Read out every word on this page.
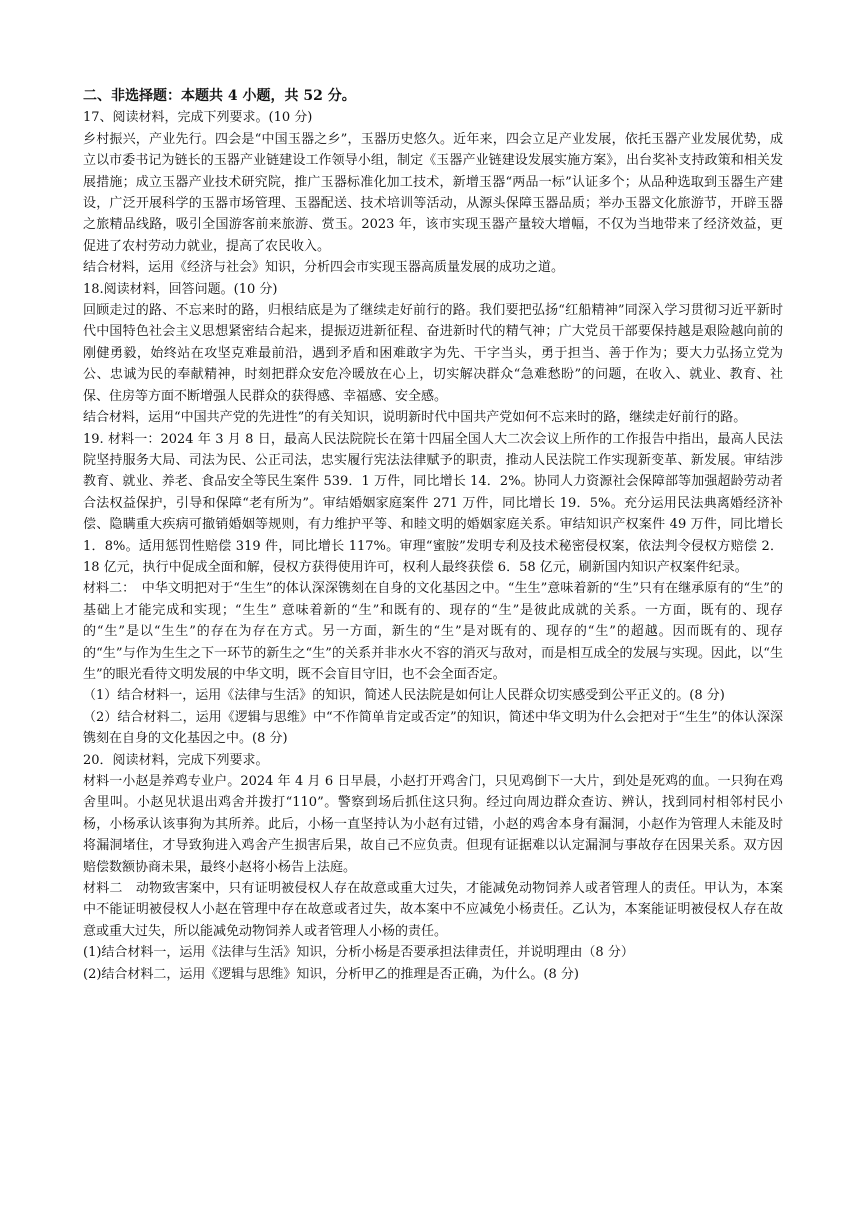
二、非选择题：本题共 4 小题，共 52 分。

17、阅读材料，完成下列要求。(10 分)

乡村振兴，产业先行。四会是“中国玉器之乡”，玉器历史悠久。近年来，四会立足产业发展，依托玉器产业发展优势，成立以市委书记为链长的玉器产业链建设工作领导小组，制定《玉器产业链建设发展实施方案》，出台奖补支持政策和相关发展措施；成立玉器产业技术研究院，推广玉器标准化加工技术，新增玉器“两品一标”认证多个；从品种选取到玉器生产建设，广泛开展科学的玉器市场管理、玉器配送、技术培训等活动，从源头保障玉器品质；举办玉器文化旅游节，开辟玉器之旅精品线路，吸引全国游客前来旅游、赏玉。2023 年，该市实现玉器产量较大增幅，不仅为当地带来了经济效益，更促进了农村劳动力就业，提高了农民收入。

结合材料，运用《经济与社会》知识，分析四会市实现玉器高质量发展的成功之道。

18.阅读材料，回答问题。(10 分)

回顾走过的路、不忘来时的路，归根结底是为了继续走好前行的路。我们要把弘扬“红船精神”同深入学习贯彻习近平新时代中国特色社会主义思想紧密结合起来，提振迈进新征程、奋进新时代的精气神；广大党员干部要保持越是艰险越向前的刚健勇毅，始终站在攻坚克难最前沿，遇到矛盾和困难敢字为先、干字当头，勇于担当、善于作为；要大力弘扬立党为公、忠诚为民的奉献精神，时刻把群众安危冷暖放在心上，切实解决群众“急难愁盼”的问题，在收入、就业、教育、社保、住房等方面不断增强人民群众的获得感、幸福感、安全感。

结合材料，运用“中国共产党的先进性”的有关知识，说明新时代中国共产党如何不忘来时的路，继续走好前行的路。

19. 材料一：2024 年 3 月 8 日，最高人民法院院长在第十四届全国人大二次会议上所作的工作报告中指出，最高人民法院坚持服务大局、司法为民、公正司法，忠实履行宪法法律赋予的职责，推动人民法院工作实现新变革、新发展。审结涉教育、就业、养老、食品安全等民生案件 539．1 万件，同比增长 14．2%。协同人力资源社会保障部等加强超龄劳动者合法权益保护，引导和保障“老有所为”。审结婚姻家庭案件 271 万件，同比增长 19．5%。充分运用民法典离婚经济补偿、隐瞒重大疾病可撤销婚姻等规则，有力维护平等、和睦文明的婚姻家庭关系。审结知识产权案件 49 万件，同比增长 1．8%。适用惩罚性赔偿 319 件，同比增长 117%。审理“蜜胺”发明专利及技术秘密侵权案，依法判令侵权方赔偿 2．18 亿元，执行中促成全面和解，侵权方获得使用许可，权利人最终获偿 6．58 亿元，刷新国内知识产权案件纪录。

材料二：　中华文明把对于“生生”的体认深深镌刻在自身的文化基因之中。“生生”意味着新的“生”只有在继承原有的“生”的基础上才能完成和实现；“生生” 意味着新的“生”和既有的、现存的“生”是彼此成就的关系。一方面，既有的、现存的“生”是以“生生”的存在为存在方式。另一方面，新生的“生”是对既有的、现存的“生”的超越。因而既有的、现存的“生”与作为生生之下一环节的新生之“生”的关系并非水火不容的消灭与敌对，而是相互成全的发展与实现。因此，以“生生”的眼光看待文明发展的中华文明，既不会盲目守旧，也不会全面否定。

（1）结合材料一，运用《法律与生活》的知识，简述人民法院是如何让人民群众切实感受到公平正义的。(8 分)

（2）结合材料二，运用《逻辑与思维》中“不作简单肯定或否定”的知识，简述中华文明为什么会把对于“生生”的体认深深镌刻在自身的文化基因之中。(8 分)

20．阅读材料，完成下列要求。

材料一小赵是养鸡专业户。2024 年 4 月 6 日早晨，小赵打开鸡舍门，只见鸡倒下一大片，到处是死鸡的血。一只狗在鸡舍里叫。小赵见状退出鸡舍并拨打“110”。警察到场后抓住这只狗。经过向周边群众查访、辨认，找到同村相邻村民小杨，小杨承认该事狗为其所养。此后，小杨一直坚持认为小赵有过错，小赵的鸡舍本身有漏洞，小赵作为管理人未能及时将漏洞堵住，才导致狗进入鸡舍产生损害后果，故自己不应负责。但现有证据难以认定漏洞与事故存在因果关系。双方因赔偿数额协商未果，最终小赵将小杨告上法庭。

材料二　动物致害案中，只有证明被侵权人存在故意或重大过失，才能减免动物饲养人或者管理人的责任。甲认为，本案中不能证明被侵权人小赵在管理中存在故意或者过失，故本案中不应减免小杨责任。乙认为，本案能证明被侵权人存在故意或重大过失，所以能减免动物饲养人或者管理人小杨的责任。

(1)结合材料一，运用《法律与生活》知识，分析小杨是否要承担法律责任，并说明理由（8 分）

(2)结合材料二，运用《逻辑与思维》知识，分析甲乙的推理是否正确，为什么。(8 分)
